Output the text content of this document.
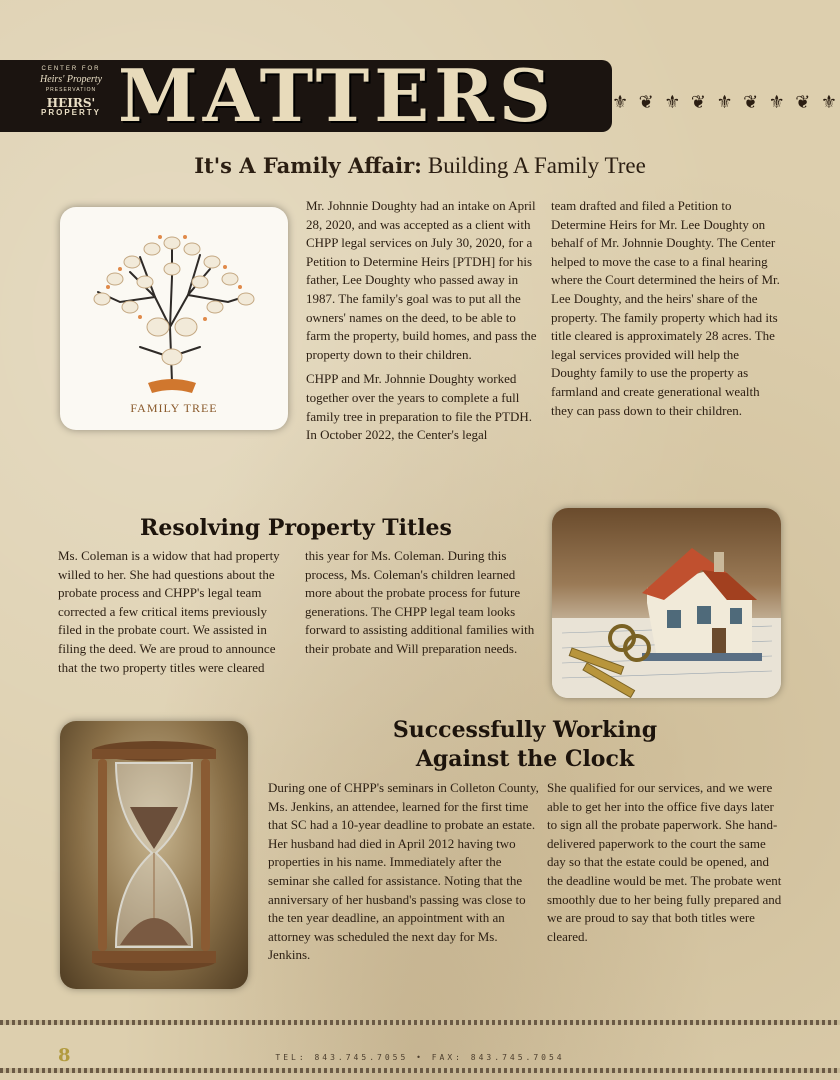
CENTER FOR
Heirs' Property
PRESERVATION
HEIRS'
PROPERTY MATTERS	⚜ ❦ ⚜ ❦ ⚜ ❦ ⚜ ❦ ⚜
It's A Family Affair: Building A Family Tree
FAMILY TREE

Mr. Johnnie Doughty had an intake on April 28, 2020, and was accepted as a client with CHPP legal services on July 30, 2020, for a Petition to Determine Heirs [PTDH] for his father, Lee Doughty who passed away in 1987. The family's goal was to put all the owners' names on the deed, to be able to farm the property, build homes, and pass the property down to their children.

CHPP and Mr. Johnnie Doughty worked together over the years to complete a full family tree in preparation to file the PTDH. In October 2022, the Center's legal

team drafted and filed a Petition to Determine Heirs for Mr. Lee Doughty on behalf of Mr. Johnnie Doughty. The Center helped to move the case to a final hearing where the Court determined the heirs of Mr. Lee Doughty, and the heirs' share of the property. The family property which had its title cleared is approximately 28 acres. The legal services provided will help the Doughty family to use the property as farmland and create generational wealth they can pass down to their children.

Resolving Property Titles

Ms. Coleman is a widow that had property willed to her. She had questions about the probate process and CHPP's legal team corrected a few critical items previously filed in the probate court. We assisted in filing the deed. We are proud to announce that the two property titles were cleared

this year for Ms. Coleman. During this process, Ms. Coleman's children learned more about the probate process for future generations. The CHPP legal team looks forward to assisting additional families with their probate and Will preparation needs.

Successfully Working
Against the Clock

During one of CHPP's seminars in Colleton County, Ms. Jenkins, an attendee, learned for the first time that SC had a 10-year deadline to probate an estate. Her husband had died in April 2012 having two properties in his name. Immediately after the seminar she called for assistance. Noting that the anniversary of her husband's passing was close to the ten year deadline, an appointment with an attorney was scheduled the next day for Ms. Jenkins.

She qualified for our services, and we were able to get her into the office five days later to sign all the probate paperwork. She hand-delivered paperwork to the court the same day so that the estate could be opened, and the deadline would be met. The probate went smoothly due to her being fully prepared and we are proud to say that both titles were cleared.

8	TEL: 843.745.7055 • FAX: 843.745.7054
